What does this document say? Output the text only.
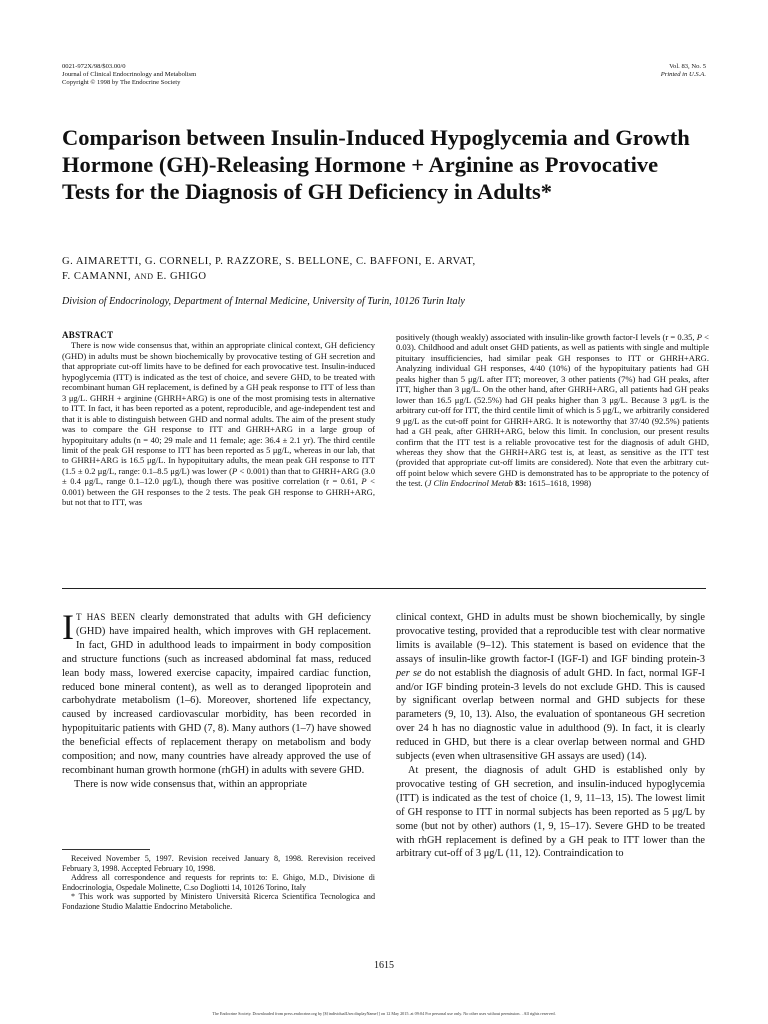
0021-972X/98/$03.00/0
Journal of Clinical Endocrinology and Metabolism
Copyright © 1998 by The Endocrine Society
Vol. 83, No. 5
Printed in U.S.A.
Comparison between Insulin-Induced Hypoglycemia and Growth Hormone (GH)-Releasing Hormone + Arginine as Provocative Tests for the Diagnosis of GH Deficiency in Adults*
G. AIMARETTI, G. CORNELI, P. RAZZORE, S. BELLONE, C. BAFFONI, E. ARVAT,
F. CAMANNI, AND E. GHIGO
Division of Endocrinology, Department of Internal Medicine, University of Turin, 10126 Turin Italy
ABSTRACT

There is now wide consensus that, within an appropriate clinical context, GH deficiency (GHD) in adults must be shown biochemically by provocative testing of GH secretion and that appropriate cut-off limits have to be defined for each provocative test. Insulin-induced hypoglycemia (ITT) is indicated as the test of choice, and severe GHD, to be treated with recombinant human GH replacement, is defined by a GH peak response to ITT of less than 3 μg/L. GHRH + arginine (GHRH+ARG) is one of the most promising tests in alternative to ITT. In fact, it has been reported as a potent, reproducible, and age-independent test and that it is able to distinguish between GHD and normal adults. The aim of the present study was to compare the GH response to ITT and GHRH+ARG in a large group of hypopituitary adults (n = 40; 29 male and 11 female; age: 36.4 ± 2.1 yr). The third centile limit of the peak GH response to ITT has been reported as 5 μg/L, whereas in our lab, that to GHRH+ARG is 16.5 μg/L. In hypopituitary adults, the mean peak GH response to ITT (1.5 ± 0.2 μg/L, range: 0.1–8.5 μg/L) was lower (P < 0.001) than that to GHRH+ARG (3.0 ± 0.4 μg/L, range 0.1–12.0 μg/L), though there was positive correlation (r = 0.61, P < 0.001) between the GH responses to the 2 tests. The peak GH response to GHRH+ARG, but not that to ITT, was

positively (though weakly) associated with insulin-like growth factor-I levels (r = 0.35, P < 0.03). Childhood and adult onset GHD patients, as well as patients with single and multiple pituitary insufficiencies, had similar peak GH responses to ITT or GHRH+ARG. Analyzing individual GH responses, 4/40 (10%) of the hypopituitary patients had GH peaks higher than 5 μg/L after ITT; moreover, 3 other patients (7%) had GH peaks, after ITT, higher than 3 μg/L. On the other hand, after GHRH+ARG, all patients had GH peaks lower than 16.5 μg/L (52.5%) had GH peaks higher than 3 μg/L. Because 3 μg/L is the arbitrary cut-off for ITT, the third centile limit of which is 5 μg/L, we arbitrarily considered 9 μg/L as the cut-off point for GHRH+ARG. It is noteworthy that 37/40 (92.5%) patients had a GH peak, after GHRH+ARG, below this limit. In conclusion, our present results confirm that the ITT test is a reliable provocative test for the diagnosis of adult GHD, whereas they show that the GHRH+ARG test is, at least, as sensitive as the ITT test (provided that appropriate cut-off limits are considered). Note that even the arbitrary cut-off point below which severe GHD is demonstrated has to be appropriate to the potency of the test. (J Clin Endocrinol Metab 83: 1615–1618, 1998)

I T HAS BEEN clearly demonstrated that adults with GH deficiency (GHD) have impaired health, which improves with GH replacement. In fact, GHD in adulthood leads to impairment in body composition and structure functions (such as increased abdominal fat mass, reduced lean body mass, lowered exercise capacity, impaired cardiac function, reduced bone mineral content), as well as to deranged lipoprotein and carbohydrate metabolism (1–6). Moreover, shortened life expectancy, caused by increased cardiovascular morbidity, has been recorded in hypopituitaric patients with GHD (7, 8). Many authors (1–7) have showed the beneficial effects of replacement therapy on metabolism and body composition; and now, many countries have already approved the use of recombinant human growth hormone (rhGH) in adults with severe GHD.

There is now wide consensus that, within an appropriate

clinical context, GHD in adults must be shown biochemically, by single provocative testing, provided that a reproducible test with clear normative limits is available (9–12). This statement is based on evidence that the assays of insulin-like growth factor-I (IGF-I) and IGF binding protein-3 per se do not establish the diagnosis of adult GHD. In fact, normal IGF-I and/or IGF binding protein-3 levels do not exclude GHD. This is caused by significant overlap between normal and GHD subjects for these parameters (9, 10, 13). Also, the evaluation of spontaneous GH secretion over 24 h has no diagnostic value in adulthood (9). In fact, it is clearly reduced in GHD, but there is a clear overlap between normal and GHD subjects (even when ultrasensitive GH assays are used) (14).

At present, the diagnosis of adult GHD is established only by provocative testing of GH secretion, and insulin-induced hypoglycemia (ITT) is indicated as the test of choice (1, 9, 11–13, 15). The lowest limit of GH response to ITT in normal subjects has been reported as 5 μg/L by some (but not by other) authors (1, 9, 15–17). Severe GHD to be treated with rhGH replacement is defined by a GH peak to ITT lower than the arbitrary cut-off of 3 μg/L (11, 12). Contraindication to

Received November 5, 1997. Revision received January 8, 1998. Rerevision received February 3, 1998. Accepted February 10, 1998.

Address all correspondence and requests for reprints to: E. Ghigo, M.D., Divisione di Endocrinologia, Ospedale Molinette, C.so Dogliotti 14, 10126 Torino, Italy

* This work was supported by Ministero Università Ricerca Scientifica Tecnologica and Fondazione Studio Malattie Endocrino Metaboliche.

1615
The Endocrine Society. Downloaded from press.endocrine.org by [${individualUser.displayName}] on 12 May 2015. at 09:04 For personal use only. No other uses without permission. . All rights reserved.
